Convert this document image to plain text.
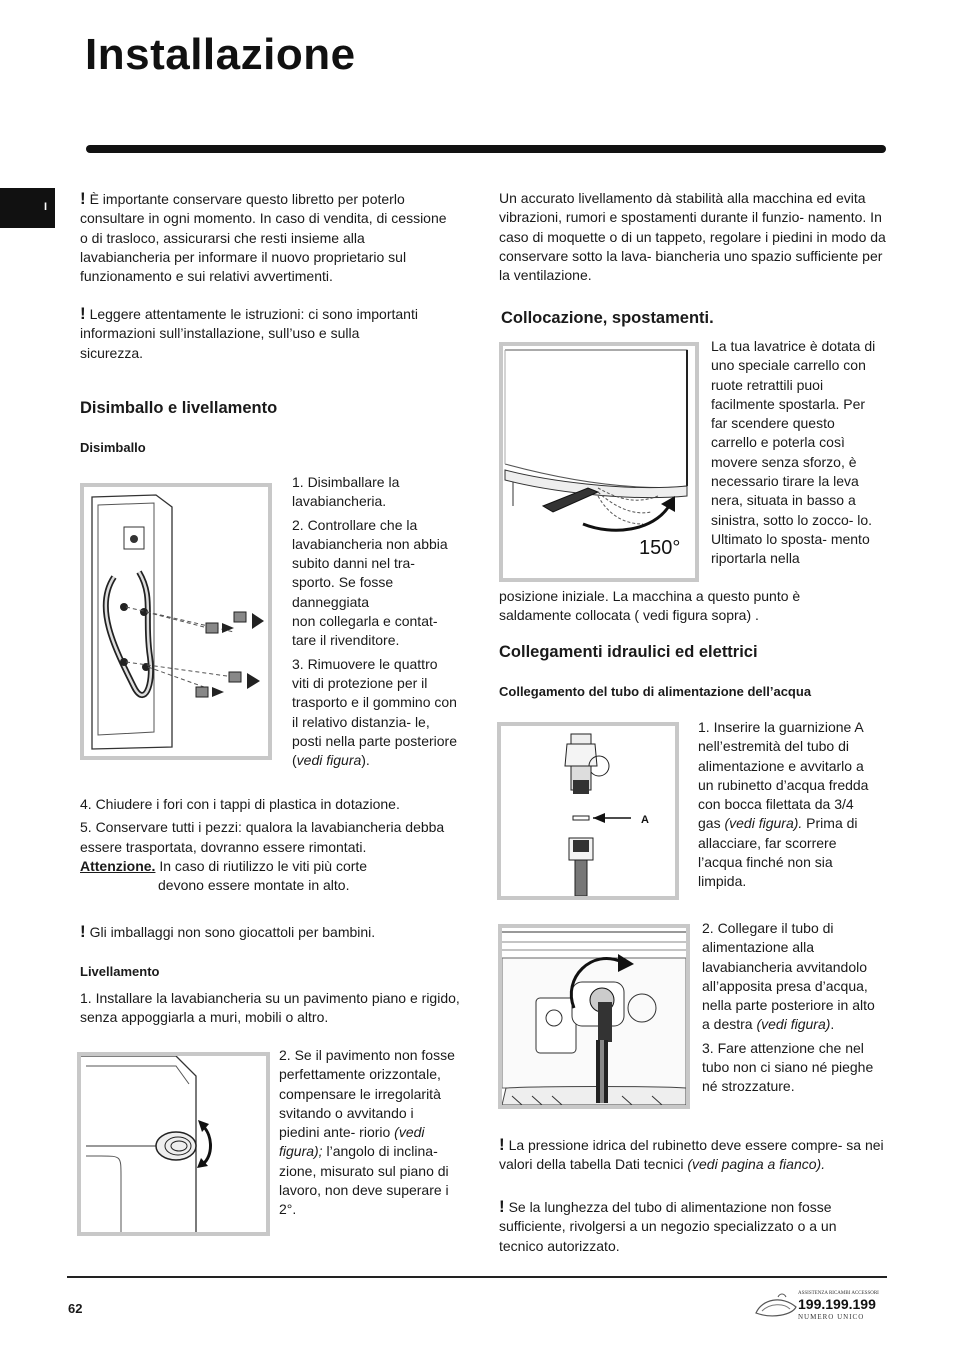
Installazione
I ! È importante conservare questo libretto per poterlo consultare in ogni momento. In caso di vendita, di cessione o di trasloco, assicurarsi che resti insieme alla lavabiancheria per informare il nuovo proprietario sul funzionamento e sui relativi avvertimenti.

! Leggere attentamente le istruzioni: ci sono importanti informazioni sull’installazione, sull’uso e sulla sicurezza.

Disimballo e livellamento
Disimballo

1. Disimballare la lavabiancheria.

2. Controllare che la lavabiancheria non abbia

subito danni nel tra- sporto. Se fosse danneggiata

non collegarla e contat- tare il rivenditore.

3. Rimuovere le quattro viti di protezione per il trasporto e il gommino con il relativo distanzia- le, posti nella parte posteriore (vedi figura).

4. Chiudere i fori con i tappi di plastica in dotazione.

5. Conservare tutti i pezzi: qualora la lavabiancheria debba essere trasportata, dovranno essere rimontati.

Attenzione. In caso di riutilizzo le viti più corte

devono essere montate in alto.

! Gli imballaggi non sono giocattoli per bambini.

Livellamento

1. Installare la lavabiancheria su un pavimento piano e rigido, senza appoggiarla a muri, mobili o altro.

2. Se il pavimento non fosse perfettamente orizzontale, compensare le irregolarità svitando o avvitando i piedini ante- riorio (vedi figura); l’angolo di inclina- zione, misurato sul piano di lavoro, non deve superare i 2°.

Un accurato livellamento dà stabilità alla macchina ed evita vibrazioni, rumori e spostamenti durante il funzio- namento. In caso di moquette o di un tappeto, regolare i piedini in modo da conservare sotto la lava- biancheria uno spazio sufficiente per la ventilazione.

Collocazione, spostamenti.
150°

La tua lavatrice è dotata di uno speciale carrello con ruote retrattili puoi facilmente spostarla. Per far scendere questo carrello e poterla così movere senza sforzo, è necessario tirare la leva nera, situata in basso a sinistra, sotto lo zocco- lo. Ultimato lo sposta- mento riportarla nella

posizione iniziale. La macchina a questo punto è saldamente collocata ( vedi figura sopra) .

Collegamenti idraulici ed elettrici
Collegamento del tubo di alimentazione dell’acqua
A

1. Inserire la guarnizione A nell’estremità del tubo di alimentazione e avvitarlo a un rubinetto d’acqua fredda con bocca filettata da 3/4 gas (vedi figura). Prima di allacciare, far scorrere l’acqua finché non sia limpida.

2. Collegare il tubo di alimentazione alla lavabiancheria avvitandolo all’apposita presa d’acqua, nella parte posteriore in alto a destra (vedi figura).

3. Fare attenzione che nel tubo non ci siano né pieghe né strozzature.

! La pressione idrica del rubinetto deve essere compre- sa nei valori della tabella Dati tecnici (vedi pagina a fianco).

! Se la lunghezza del tubo di alimentazione non fosse sufficiente, rivolgersi a un negozio specializzato o a un tecnico autorizzato.

62
ASSISTENZA RICAMBI ACCESSORI
199.199.199
NUMERO UNICO
